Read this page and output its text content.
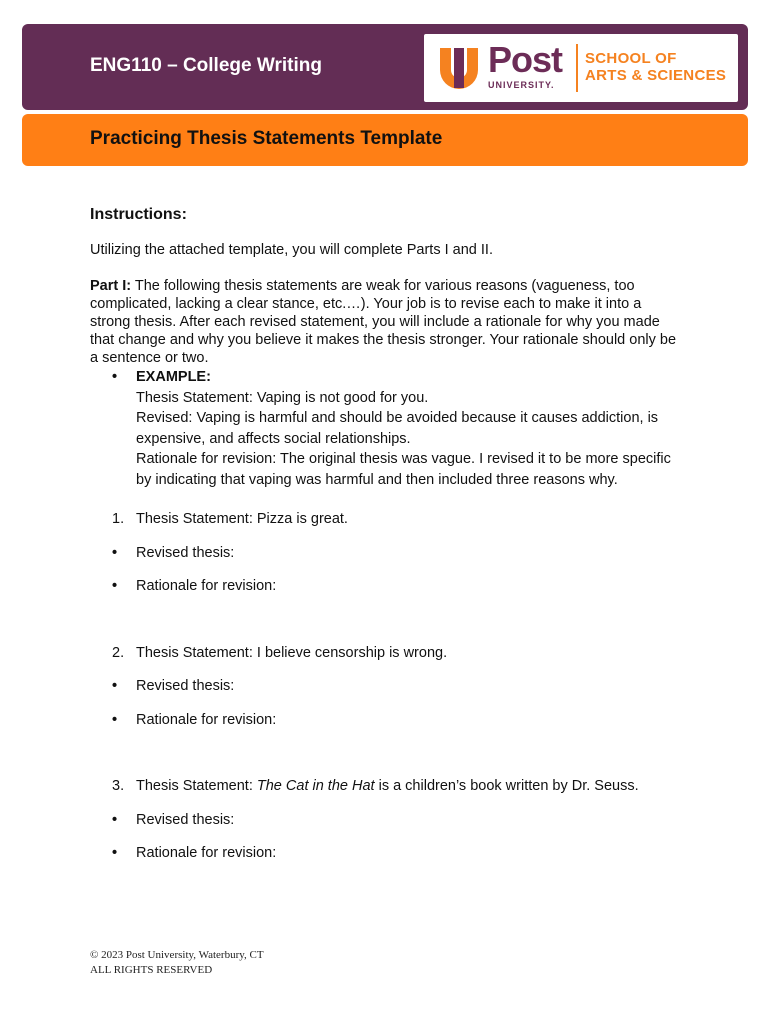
ENG110 – College Writing	Post
UNIVERSITY.
SCHOOL OF
ARTS & SCIENCES
Practicing Thesis Statements Template

Instructions:

Utilizing the attached template, you will complete Parts I and II.

Part I: The following thesis statements are weak for various reasons (vagueness, too complicated, lacking a clear stance, etc.…). Your job is to revise each to make it into a strong thesis. After each revised statement, you will include a rationale for why you made that change and why you believe it makes the thesis stronger. Your rationale should only be a sentence or two.

• EXAMPLE:
Thesis Statement: Vaping is not good for you.
Revised: Vaping is harmful and should be avoided because it causes addiction, is expensive, and affects social relationships.
Rationale for revision: The original thesis was vague. I revised it to be more specific by indicating that vaping was harmful and then included three reasons why.
1. Thesis Statement: Pizza is great.
• Revised thesis:
• Rationale for revision:
2. Thesis Statement: I believe censorship is wrong.
• Revised thesis:
• Rationale for revision:
3. Thesis Statement: The Cat in the Hat is a children’s book written by Dr. Seuss.
• Revised thesis:
• Rationale for revision:
© 2023 Post University, Waterbury, CT
ALL RIGHTS RESERVED
